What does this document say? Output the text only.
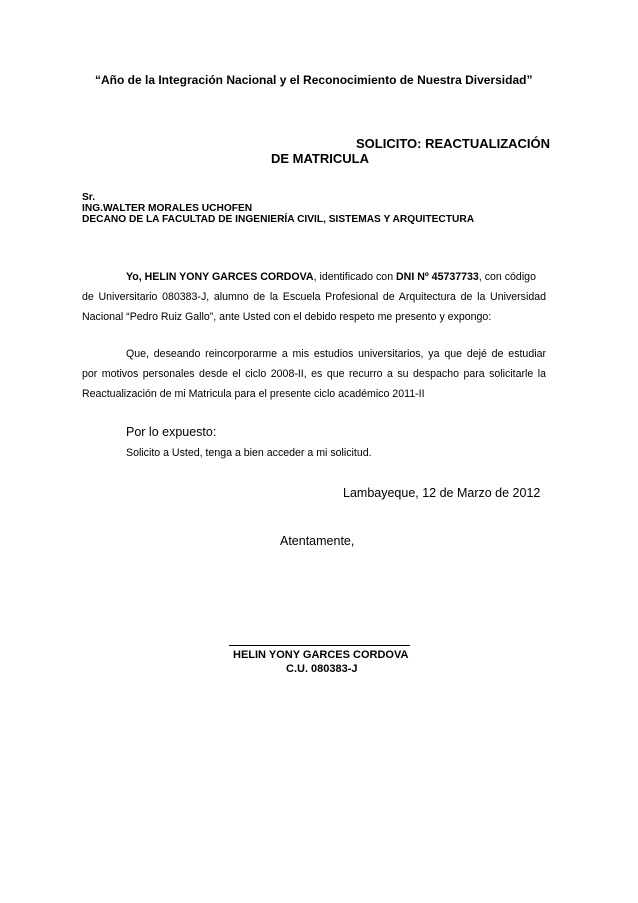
“Año de la Integración Nacional y el Reconocimiento de Nuestra Diversidad”
SOLICITO: REACTUALIZACIÓN
DE MATRICULA
Sr.
ING.WALTER MORALES UCHOFEN
DECANO DE LA FACULTAD DE INGENIERÍA CIVIL, SISTEMAS Y ARQUITECTURA
Yo, HELIN YONY GARCES CORDOVA, identificado con DNI Nº 45737733, con código
de Universitario 080383-J, alumno de la Escuela Profesional de Arquitectura de la Universidad
Nacional “Pedro Ruiz Gallo”, ante Usted con el debido respeto me presento y expongo:
Que, deseando reincorporarme a mis estudios universitarios, ya que dejé de estudiar
por motivos personales desde el ciclo 2008-II, es que recurro a su despacho para solicitarle la
Reactualización de mi Matricula para el presente ciclo académico 2011-II
Por lo expuesto:
Solicito a Usted, tenga a bien acceder a mi solicitud.
Lambayeque, 12 de Marzo de 2012
Atentamente,
HELIN YONY GARCES CORDOVA
C.U. 080383-J
